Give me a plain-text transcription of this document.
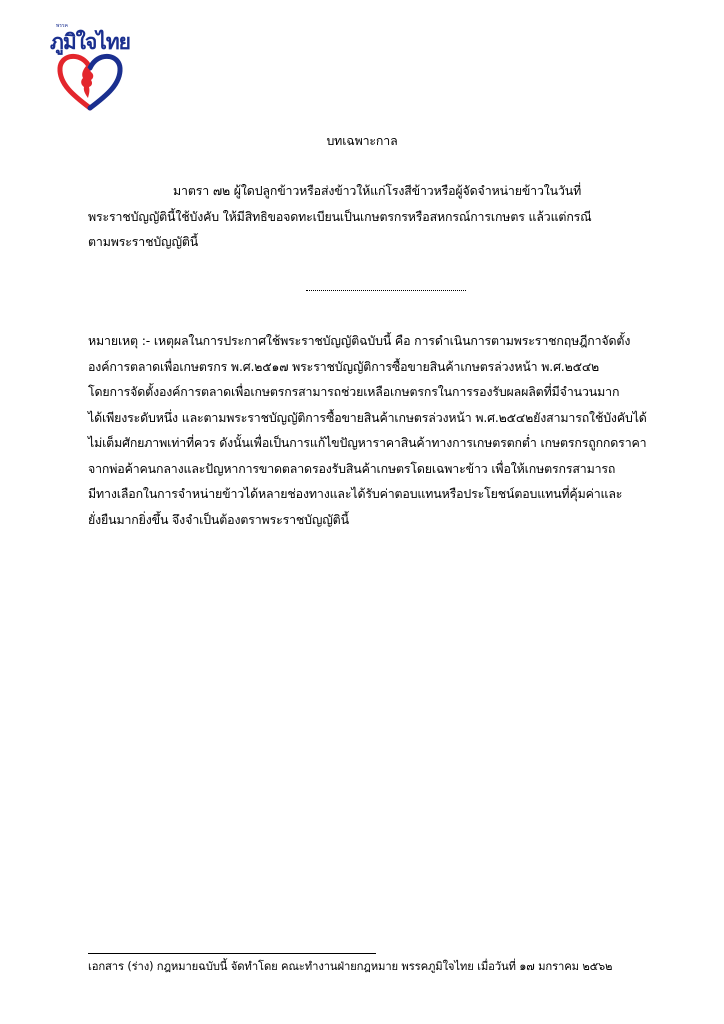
พรรค
ภูมิใจไทย
บทเฉพาะกาล
มาตรา ๗๒ ผู้ใดปลูกข้าวหรือส่งข้าวให้แก่โรงสีข้าวหรือผู้จัดจำหน่ายข้าวในวันที่
พระราชบัญญัตินี้ใช้บังคับ ให้มีสิทธิขอจดทะเบียนเป็นเกษตรกรหรือสหกรณ์การเกษตร แล้วแต่กรณี
ตามพระราชบัญญัตินี้
หมายเหตุ :- เหตุผลในการประกาศใช้พระราชบัญญัติฉบับนี้ คือ การดำเนินการตามพระราชกฤษฎีกาจัดตั้ง
องค์การตลาดเพื่อเกษตรกร พ.ศ.๒๕๑๗ พระราชบัญญัติการซื้อขายสินค้าเกษตรล่วงหน้า พ.ศ.๒๕๔๒
โดยการจัดตั้งองค์การตลาดเพื่อเกษตรกรสามารถช่วยเหลือเกษตรกรในการรองรับผลผลิตที่มีจำนวนมาก
ได้เพียงระดับหนึ่ง และตามพระราชบัญญัติการซื้อขายสินค้าเกษตรล่วงหน้า พ.ศ.๒๕๔๒ยังสามารถใช้บังคับได้
ไม่เต็มศักยภาพเท่าที่ควร ดังนั้นเพื่อเป็นการแก้ไขปัญหาราคาสินค้าทางการเกษตรตกต่ำ เกษตรกรถูกกดราคา
จากพ่อค้าคนกลางและปัญหาการขาดตลาดรองรับสินค้าเกษตรโดยเฉพาะข้าว เพื่อให้เกษตรกรสามารถ
มีทางเลือกในการจำหน่ายข้าวได้หลายช่องทางและได้รับค่าตอบแทนหรือประโยชน์ตอบแทนที่คุ้มค่าและ
ยั่งยืนมากยิ่งขึ้น จึงจำเป็นต้องตราพระราชบัญญัตินี้
เอกสาร (ร่าง) กฎหมายฉบับนี้ จัดทำโดย คณะทำงานฝ่ายกฎหมาย พรรคภูมิใจไทย เมื่อวันที่ ๑๗ มกราคม ๒๕๖๒
